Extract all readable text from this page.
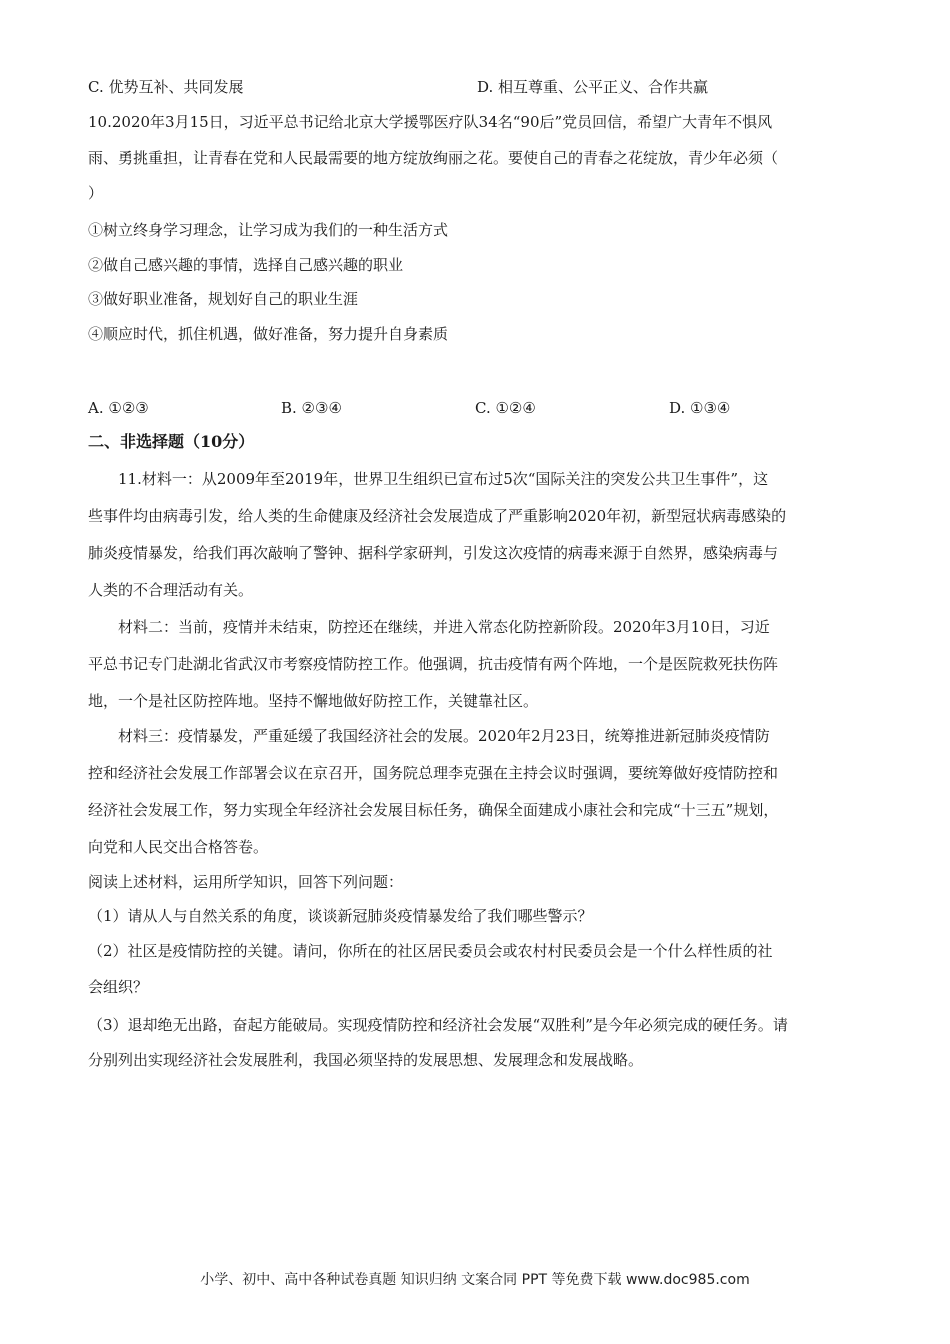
C. 优势互补、共同发展	D. 相互尊重、公平正义、合作共赢
10.2020年3月15日，习近平总书记给北京大学援鄂医疗队34名“90后”党员回信，希望广大青年不惧风
雨、勇挑重担，让青春在党和人民最需要的地方绽放绚丽之花。要使自己的青春之花绽放，青少年必须（
）
①树立终身学习理念，让学习成为我们的一种生活方式
②做自己感兴趣的事情，选择自己感兴趣的职业
③做好职业准备，规划好自己的职业生涯
④顺应时代，抓住机遇，做好准备，努力提升自身素质
A. ①②③	B. ②③④	C. ①②④	D. ①③④
二、非选择题（10分）
11.材料一：从2009年至2019年，世界卫生组织已宣布过5次“国际关注的突发公共卫生事件”，这
些事件均由病毒引发，给人类的生命健康及经济社会发展造成了严重影响2020年初，新型冠状病毒感染的
肺炎疫情暴发，给我们再次敲响了警钟、据科学家研判，引发这次疫情的病毒来源于自然界，感染病毒与
人类的不合理活动有关。
材料二：当前，疫情并未结束，防控还在继续，并进入常态化防控新阶段。2020年3月10日，习近
平总书记专门赴湖北省武汉市考察疫情防控工作。他强调，抗击疫情有两个阵地，一个是医院救死扶伤阵
地，一个是社区防控阵地。坚持不懈地做好防控工作，关键靠社区。
材料三：疫情暴发，严重延缓了我国经济社会的发展。2020年2月23日，统筹推进新冠肺炎疫情防
控和经济社会发展工作部署会议在京召开，国务院总理李克强在主持会议时强调，要统筹做好疫情防控和
经济社会发展工作，努力实现全年经济社会发展目标任务，确保全面建成小康社会和完成“十三五”规划，
向党和人民交出合格答卷。
阅读上述材料，运用所学知识，回答下列问题：
（1）请从人与自然关系的角度，谈谈新冠肺炎疫情暴发给了我们哪些警示？
（2）社区是疫情防控的关键。请问，你所在的社区居民委员会或农村村民委员会是一个什么样性质的社
会组织？
（3）退却绝无出路，奋起方能破局。实现疫情防控和经济社会发展“双胜利”是今年必须完成的硬任务。请
分别列出实现经济社会发展胜利，我国必须坚持的发展思想、发展理念和发展战略。
小学、初中、高中各种试卷真题 知识归纳 文案合同 PPT 等免费下载 www.doc985.com
